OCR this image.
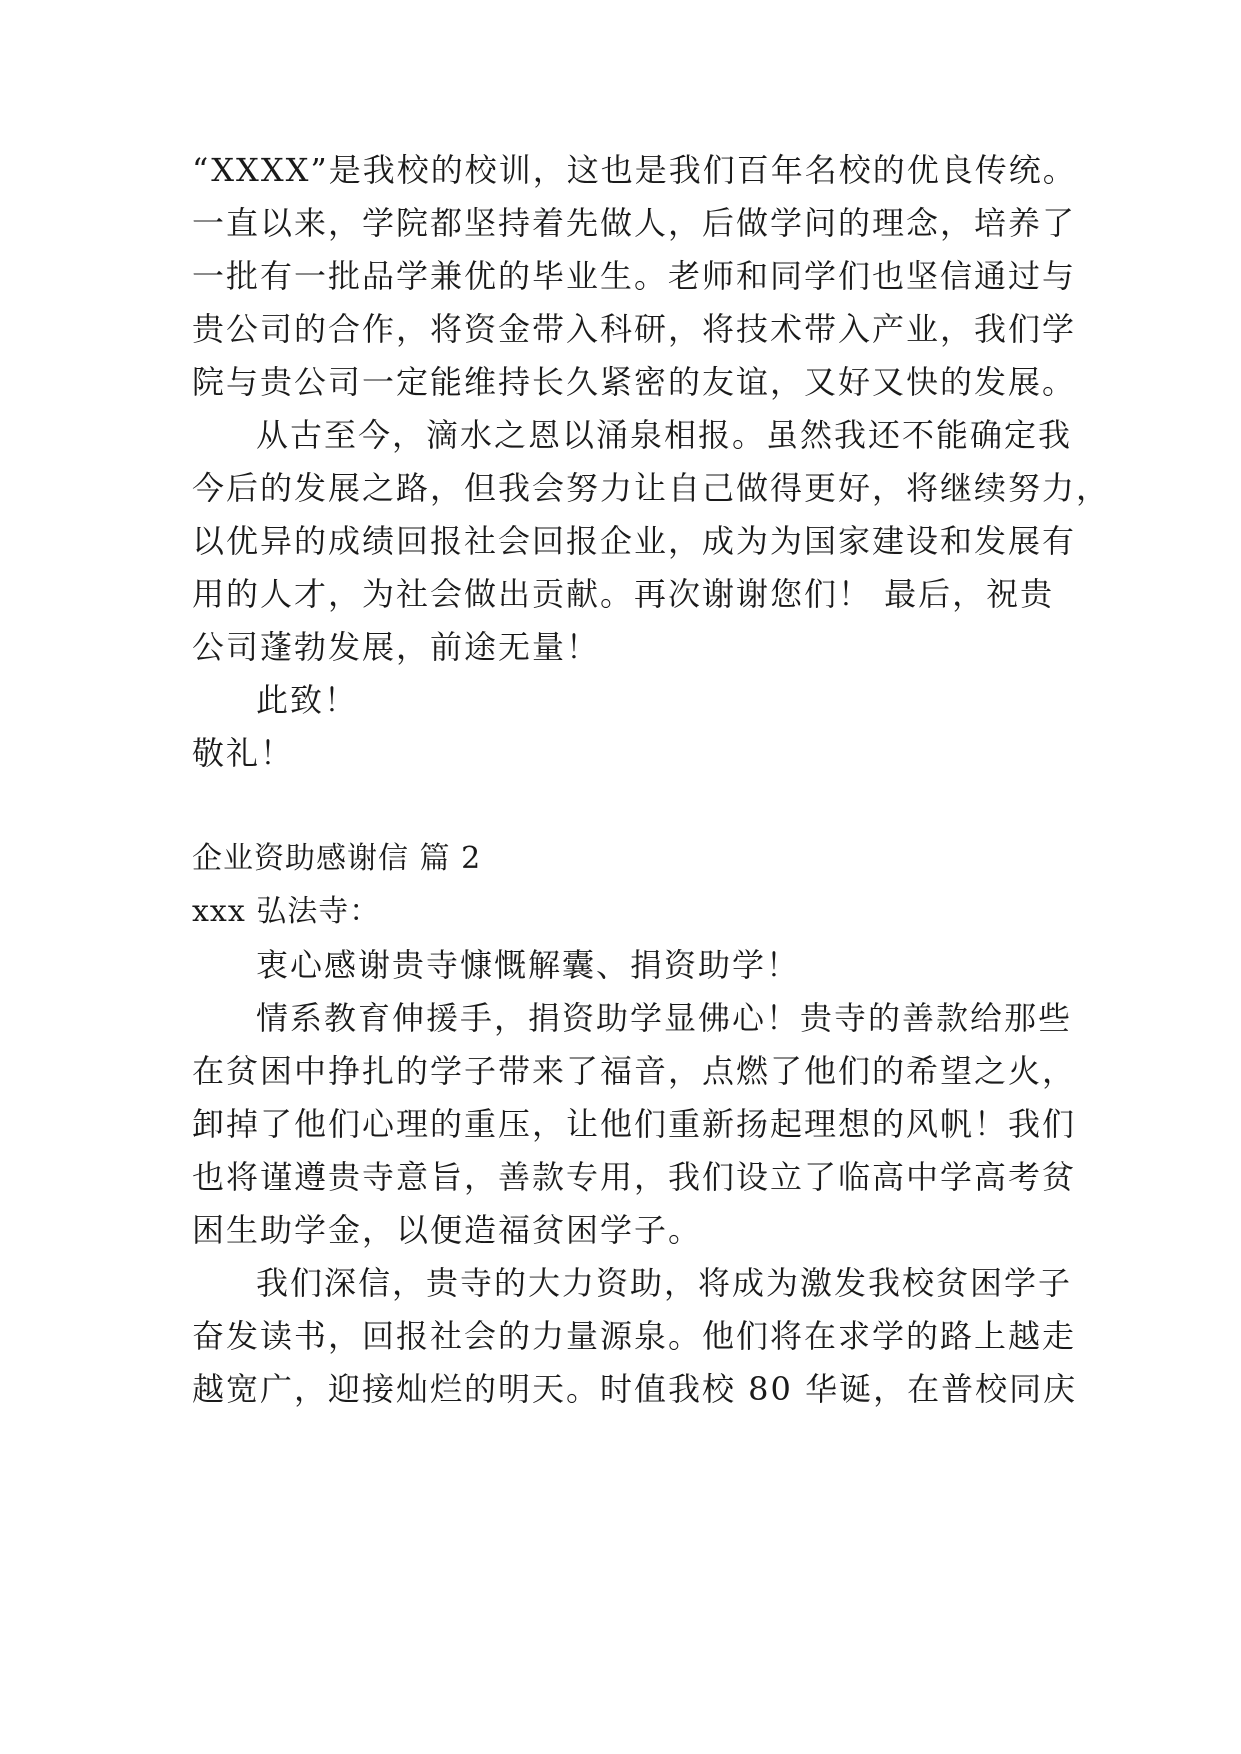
“XXXX”是我校的校训，这也是我们百年名校的优良传统。
一直以来，学院都坚持着先做人，后做学问的理念，培养了
一批有一批品学兼优的毕业生。老师和同学们也坚信通过与
贵公司的合作，将资金带入科研，将技术带入产业，我们学
院与贵公司一定能维持长久紧密的友谊，又好又快的发展。
从古至今，滴水之恩以涌泉相报。虽然我还不能确定我
今后的发展之路，但我会努力让自己做得更好，将继续努力，
以优异的成绩回报社会回报企业，成为为国家建设和发展有
用的人才，为社会做出贡献。再次谢谢您们！ 最后，祝贵
公司蓬勃发展，前途无量！
此致！
敬礼！
企业资助感谢信 篇 2
xxx 弘法寺：
衷心感谢贵寺慷慨解囊、捐资助学！
情系教育伸援手，捐资助学显佛心！贵寺的善款给那些
在贫困中挣扎的学子带来了福音，点燃了他们的希望之火，
卸掉了他们心理的重压，让他们重新扬起理想的风帆！我们
也将谨遵贵寺意旨，善款专用，我们设立了临高中学高考贫
困生助学金，以便造福贫困学子。
我们深信，贵寺的大力资助，将成为激发我校贫困学子
奋发读书，回报社会的力量源泉。他们将在求学的路上越走
越宽广，迎接灿烂的明天。时值我校 80 华诞，在普校同庆
